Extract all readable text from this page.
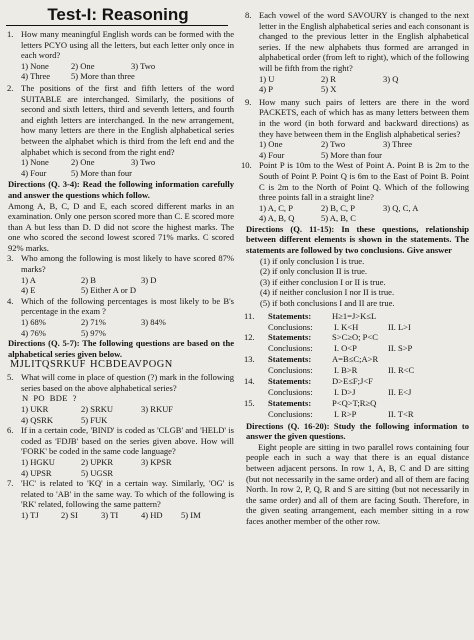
Test-I: Reasoning
1. How many meaningful English words can be formed with the letters PCYO using all the letters, but each letter only once in each word?
1) None	2) One	3) Two
4) Three 5) More than three
2. The positions of the first and fifth letters of the word SUITABLE are interchanged. Similarly, the positions of second and sixth letters, third and seventh letters, and fourth and eighth letters are interchanged. In the new arrangement, how many letters are there in the English alphabetical series between the alphabet which is third from the left end and the alphabet which is second from the right end?
1) None	2) One	3) Two
4) Four	5) More than four
Directions (Q. 3-4): Read the following information carefully and answer the questions which follow.
Among A, B, C, D and E, each scored different marks in an examination. Only one person scored more than C. E scored more than A but less than D. D did not score the highest marks. The one who scored the second lowest scored 71% marks. C scored 92% marks.
3. Who among the following is most likely to have scored 87% marks?
1) A	2) B	3) D
4) E	5) Either A or D
4. Which of the following percentages is most likely to be B's percentage in the exam ?
1) 68%	2) 71%	3) 84%
4) 76%	5) 97%
Directions (Q. 5-7): The following questions are based on the alphabetical series given below.
MJLITQSRKUF HCBDEAVPOGN
5. What will come in place of question (?) mark in the following series based on the above alphabetical series?
N  PO  BDE  ?
1) UKR	2) SRKU	3) RKUF
4) QSRK	5) FUK
6. If in a certain code, 'BIND' is coded as 'CLGB' and 'HELD' is coded as 'FDJB' based on the series given above. How will 'FORK' be coded in the same code language?
1) HGKU	2) UPKR	3) KPSR
4) UPSR	5) UGSR
7. 'HC' is related to 'KQ' in a certain way. Similarly, 'OG' is related to 'AB' in the same way. To which of the following is 'RK' related, following the same pattern?
1) TJ	2) SI	3) TI	4) HD 5) IM
8. Each vowel of the word SAVOURY is changed to the next letter in the English alphabetical series and each consonant is changed to the previous letter in the English alphabetical series. If the new alphabets thus formed are arranged in alphabetical order (from left to right), which of the following will be fifth from the right?
1) U	2) R	3) Q
4) P	5) X
9. How many such pairs of letters are there in the word PACKETS, each of which has as many letters between them in the word (in both forward and backward directions) as they have between them in the English alphabetical series?
1) One	2) Two	3) Three
4) Four	5) More than four
10. Point P is 10m to the West of Point A. Point B is 2m to the South of Point P. Point Q is 6m to the East of Point B. Point C is 2m to the North of Point Q. Which of the following three points fall in a straight line?
1) A, C, P	2) B, C, P	3) Q, C, A
4) A, B, Q	5) A, B, C
Directions (Q. 11-15): In these questions, relationship between different elements is shown in the statements. The statements are followed by two conclusions. Give answer
(1) if only conclusion I is true.
(2) if only conclusion II is true.
(3) if either conclusion I or II is true.
(4) if neither conclusion I nor II is true.
(5) if both conclusions I and II are true.
11. Statements: H≥1=J>K≤L
Conclusions: I. K<H	II. L>I
12. Statements: S>C≥O; P<C
Conclusions: I. O<P	II. S>P
13. Statements: A=B≤C;A>R
Conclusions: I. B>R	II. R<C
14. Statements: D>E≤F;J<F
Conclusions: I. D>J	II. E<J
15. Statements: P<Q>T;R≥Q
Conclusions: I. R>P	II. T<R
Directions (Q. 16-20): Study the following information to answer the given questions.
Eight people are sitting in two parallel rows containing four people each in such a way that there is an equal distance between adjacent persons. In row 1, A, B, C and D are sitting (but not necessarily in the same order) and all of them are facing North. In row 2, P, Q, R and S are sitting (but not necessarily in the same order) and all of them are facing South. Therefore, in the given seating arrangement, each member sitting in a row faces another member of the other row.
